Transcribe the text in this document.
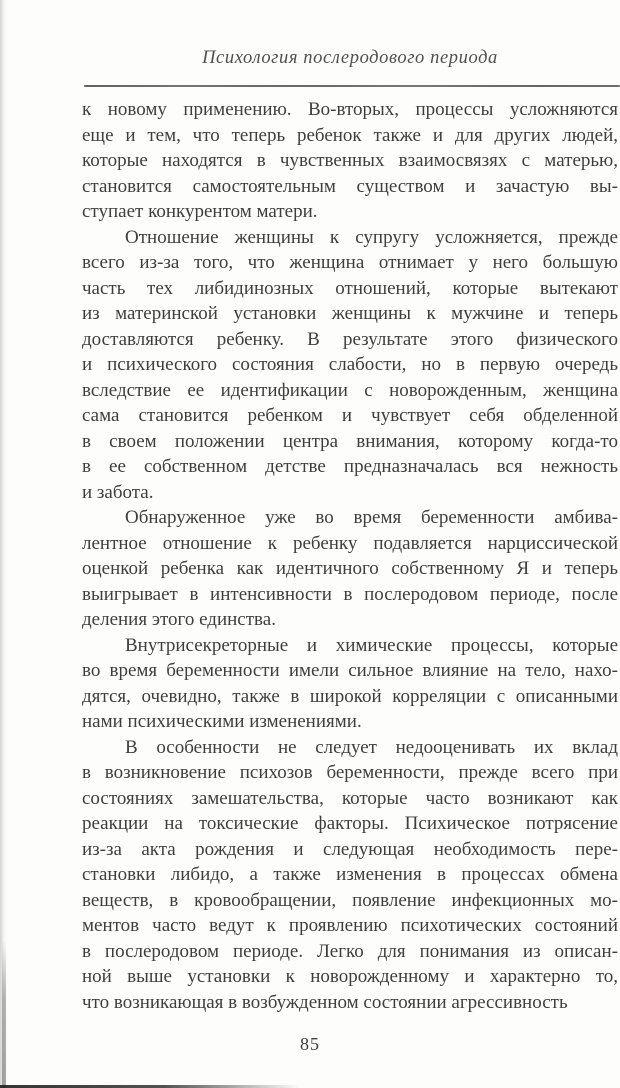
Психология послеродового периода
к новому применению. Во-вторых, процессы усложняются
еще и тем, что теперь ребенок также и для других людей,
которые находятся в чувственных взаимосвязях с матерью,
становится самостоятельным существом и зачастую вы-
ступает конкурентом матери.
Отношение женщины к супругу усложняется, прежде
всего из-за того, что женщина отнимает у него большую
часть тех либидинозных отношений, которые вытекают
из материнской установки женщины к мужчине и теперь
доставляются ребенку. В результате этого физического
и психического состояния слабости, но в первую очередь
вследствие ее идентификации с новорожденным, женщина
сама становится ребенком и чувствует себя обделенной
в своем положении центра внимания, которому когда-то
в ее собственном детстве предназначалась вся нежность
и забота.
Обнаруженное уже во время беременности амбива-
лентное отношение к ребенку подавляется нарциссической
оценкой ребенка как идентичного собственному Я и теперь
выигрывает в интенсивности в послеродовом периоде, после
деления этого единства.
Внутрисекреторные и химические процессы, которые
во время беременности имели сильное влияние на тело, нахо-
дятся, очевидно, также в широкой корреляции с описанными
нами психическими изменениями.
В особенности не следует недооценивать их вклад
в возникновение психозов беременности, прежде всего при
состояниях замешательства, которые часто возникают как
реакции на токсические факторы. Психическое потрясение
из-за акта рождения и следующая необходимость пере-
становки либидо, а также изменения в процессах обмена
веществ, в кровообращении, появление инфекционных мо-
ментов часто ведут к проявлению психотических состояний
в послеродовом периоде. Легко для понимания из описан-
ной выше установки к новорожденному и характерно то,
что возникающая в возбужденном состоянии агрессивность
85
